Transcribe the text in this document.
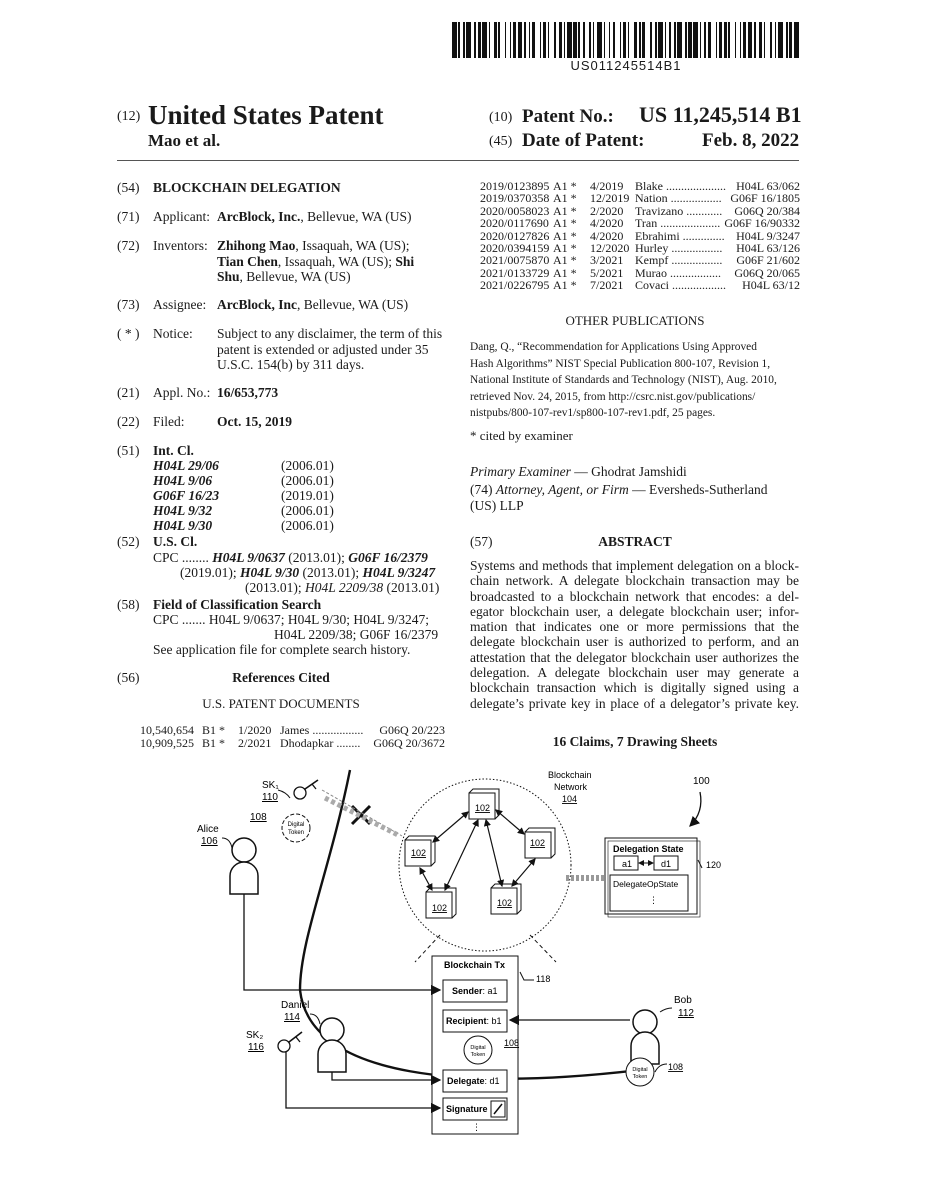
US011245514B1
(12) United States Patent
Mao et al.
(10) Patent No.: US 11,245,514 B1
(45) Date of Patent:	Feb. 8, 2022
(54) BLOCKCHAIN DELEGATION
(71) Applicant: ArcBlock, Inc., Bellevue, WA (US)
(72) Inventors: Zhihong Mao, Issaquah, WA (US);
Tian Chen, Issaquah, WA (US); Shi
Shu, Bellevue, WA (US)
(73) Assignee: ArcBlock, Inc, Bellevue, WA (US)
( * ) Notice: Subject to any disclaimer, the term of this
patent is extended or adjusted under 35
U.S.C. 154(b) by 311 days.
(21) Appl. No.: 16/653,773
(22) Filed: Oct. 15, 2019
(51) Int. Cl.
H04L 29/06	(2006.01)
H04L 9/06	(2006.01)
G06F 16/23	(2019.01)
H04L 9/32	(2006.01)
H04L 9/30	(2006.01)
(52) U.S. Cl.
CPC ........ H04L 9/0637 (2013.01); G06F 16/2379
(2019.01); H04L 9/30 (2013.01); H04L 9/3247
(2013.01); H04L 2209/38 (2013.01)
(58) Field of Classification Search
CPC ....... H04L 9/0637; H04L 9/30; H04L 9/3247;
H04L 2209/38; G06F 16/2379
See application file for complete search history.
(56)	References Cited
U.S. PATENT DOCUMENTS
10,540,654 B1 * 1/2020 James ................. G06Q 20/223
10,909,525 B1 * 2/2021 Dhodapkar ........ G06Q 20/3672
2019/0123895 A1 * 4/2019 Blake .................... H04L 63/062
2019/0370358 A1 * 12/2019 Nation ................. G06F 16/1805
2020/0058023 A1 * 2/2020 Travizano ............ G06Q 20/384
2020/0117690 A1 * 4/2020 Tran .................... G06F 16/90332
2020/0127826 A1 * 4/2020 Ebrahimi .............. H04L 9/3247
2020/0394159 A1 * 12/2020 Hurley ................. H04L 63/126
2021/0075870 A1 * 3/2021 Kempf ................. G06F 21/602
2021/0133729 A1 * 5/2021 Murao ................. G06Q 20/065
2021/0226795 A1 * 7/2021 Covaci .................. H04L 63/12
OTHER PUBLICATIONS
Dang, Q., “Recommendation for Applications Using Approved
Hash Algorithms” NIST Special Publication 800-107, Revision 1,
National Institute of Standards and Technology (NIST), Aug. 2010,
retrieved Nov. 24, 2015, from http://csrc.nist.gov/publications/
nistpubs/800-107-rev1/sp800-107-rev1.pdf, 25 pages.
* cited by examiner
Primary Examiner — Ghodrat Jamshidi
(74) Attorney, Agent, or Firm — Eversheds-Sutherland
(US) LLP
(57)	ABSTRACT
Systems and methods that implement delegation on a block-
chain network. A delegate blockchain transaction may be
broadcasted to a blockchain network that encodes: a del-
egator blockchain user, a delegate blockchain user; infor-
mation that indicates one or more permissions that the
delegate blockchain user is authorized to perform, and an
attestation that the delegator blockchain user authorizes the
delegation. A delegate blockchain user may generate a
blockchain transaction which is digitally signed using a
delegate’s private key in place of a delegator’s private key.
16 Claims, 7 Drawing Sheets
SK₁
110
108
Digital
Token
Alice
106
Blockchain
Network
104
102
102
102
102	102
100
Delegation State
a1	d1
DelegateOpState
⋮
120
Blockchain Tx
Sender: a1
Recipient: b1
Digital
Token
108
Delegate: d1
Signature
⋮
118
Daniel
114
SK₂
116
Bob
112
Digital
Token
108
